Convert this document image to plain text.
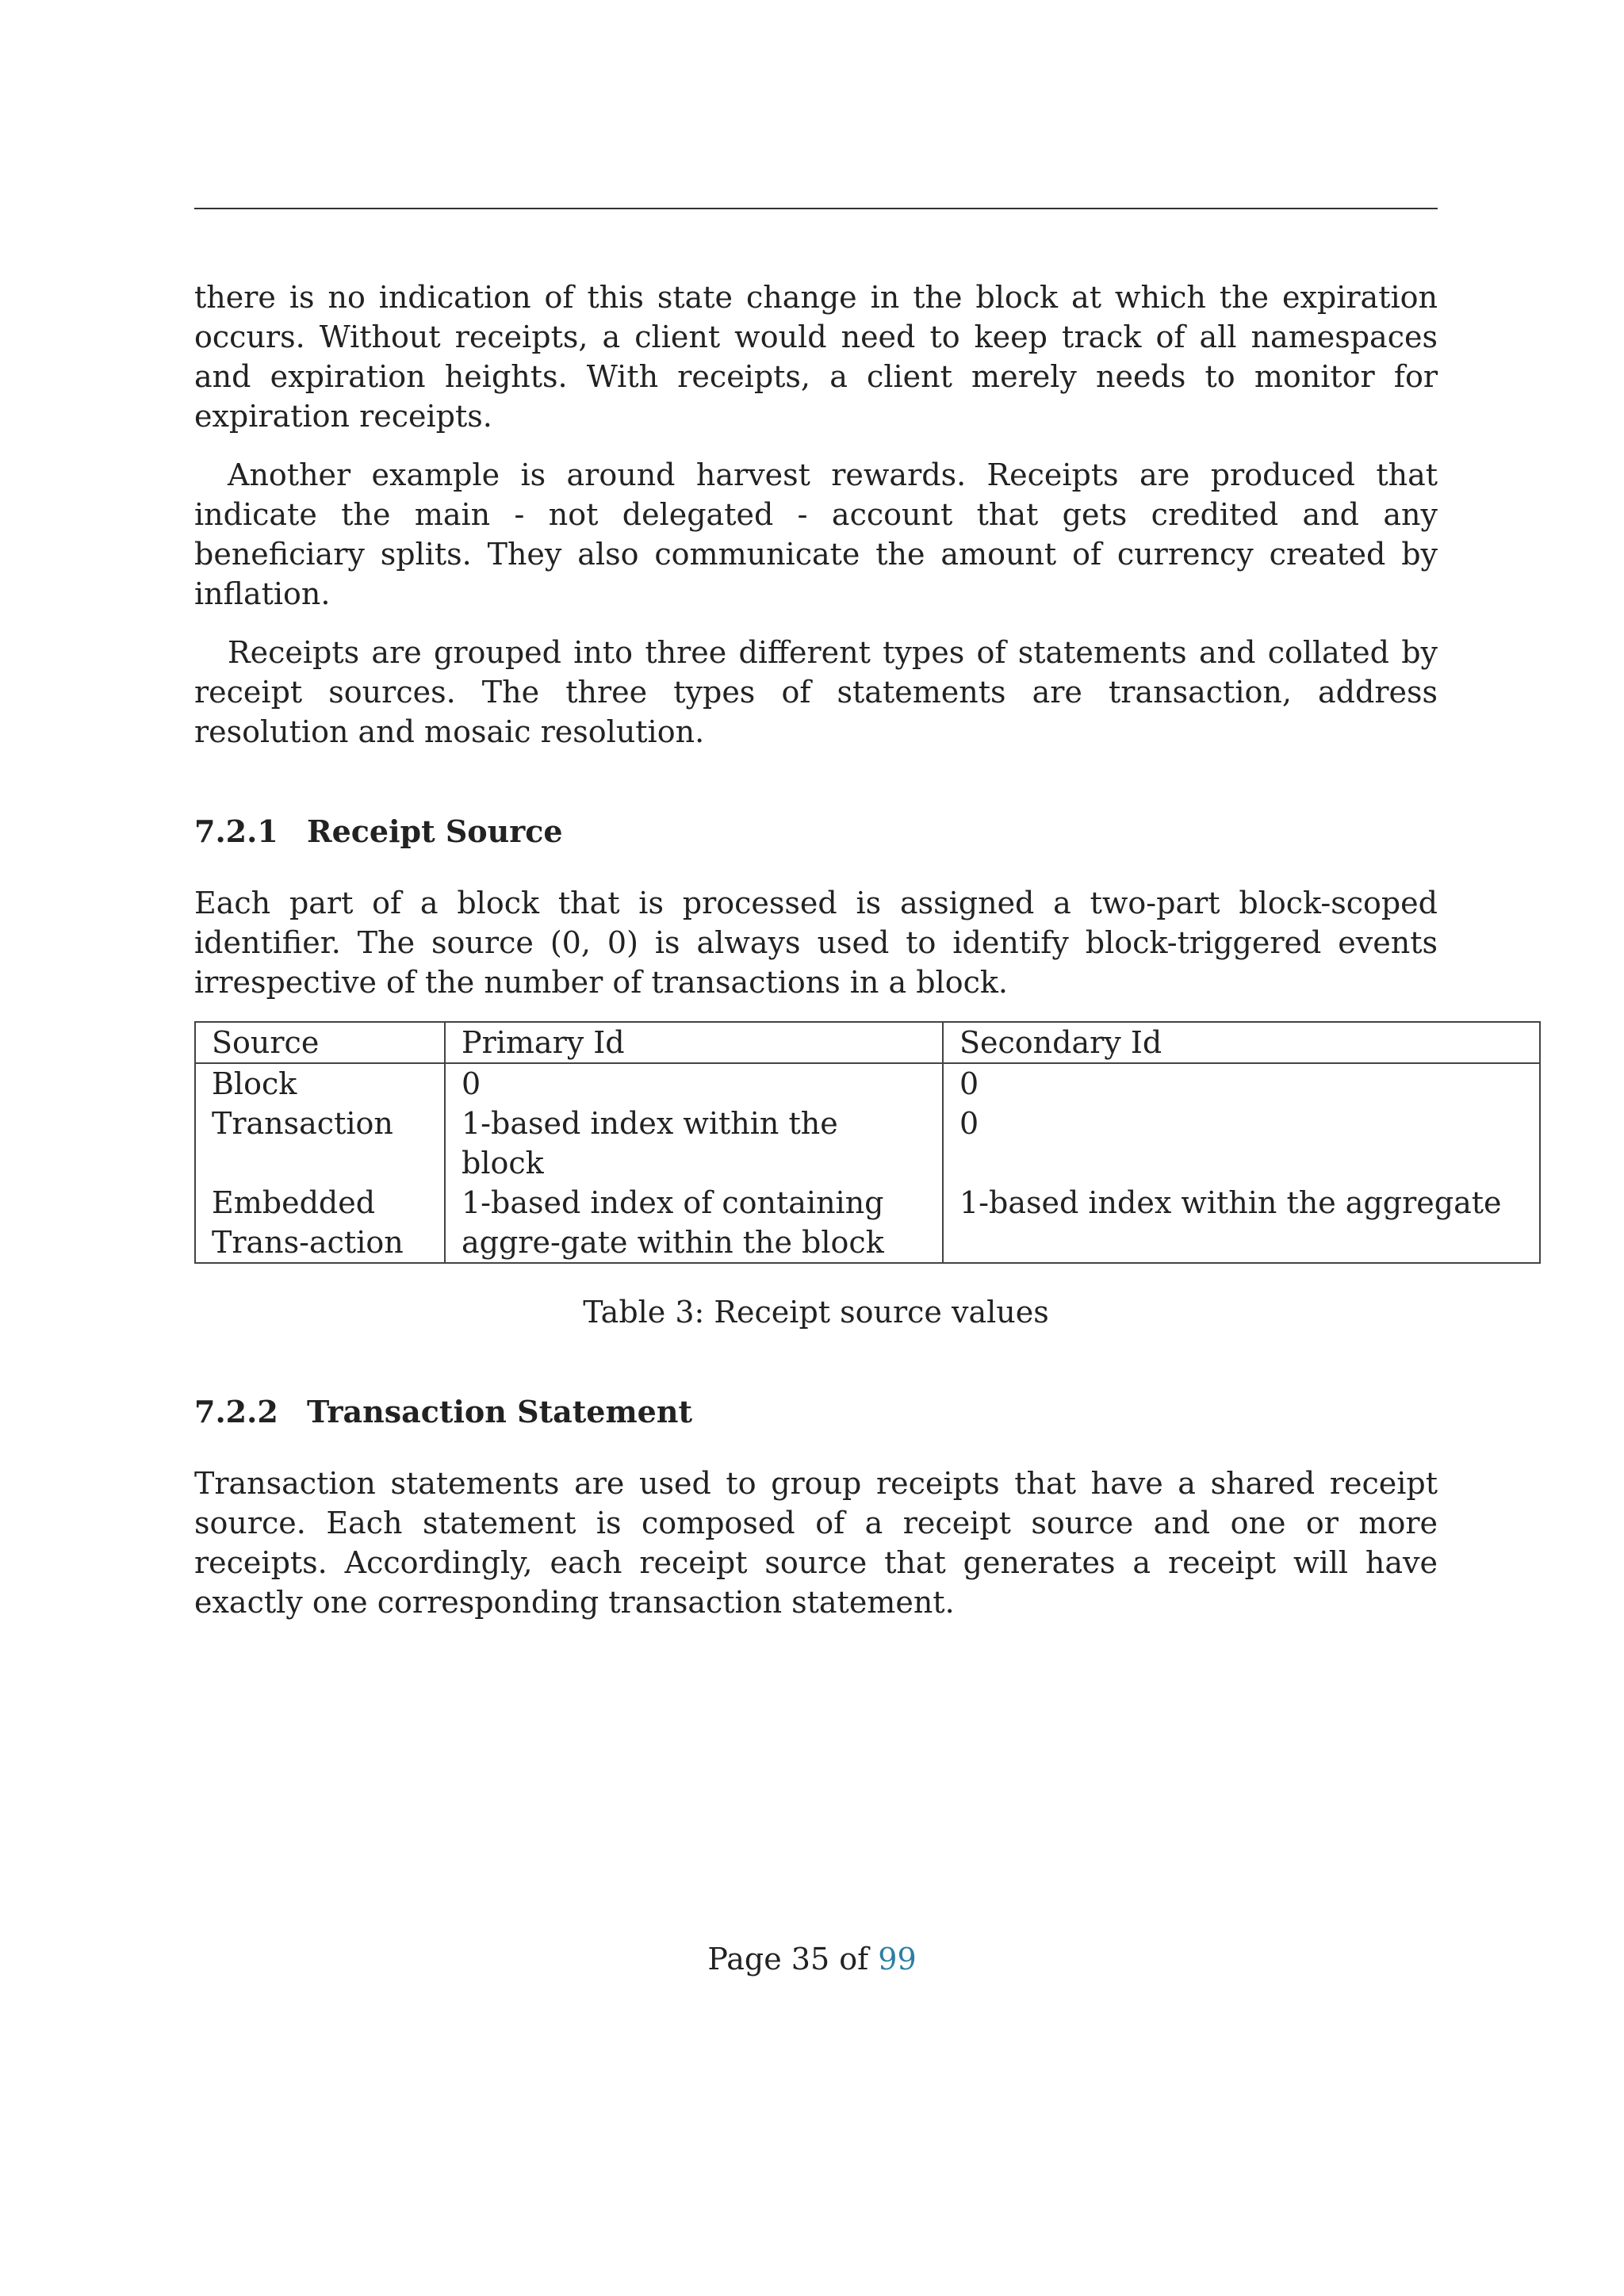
there is no indication of this state change in the block at which the expiration occurs. Without receipts, a client would need to keep track of all namespaces and expiration heights. With receipts, a client merely needs to monitor for expiration receipts.

Another example is around harvest rewards. Receipts are produced that indicate the main - not delegated - account that gets credited and any beneficiary splits. They also communicate the amount of currency created by inflation.

Receipts are grouped into three different types of statements and collated by receipt sources. The three types of statements are transaction, address resolution and mosaic resolution.

7.2.1 Receipt Source

Each part of a block that is processed is assigned a two-part block-scoped identifier. The source (0, 0) is always used to identify block-triggered events irrespective of the number of transactions in a block.

Source	Primary Id	Secondary Id
Block	0	0
Transaction	1-based index within the block	0
Embedded Trans-action	1-based index of containing aggre-gate within the block	1-based index within the aggregate
Table 3: Receipt source values
7.2.2 Transaction Statement

Transaction statements are used to group receipts that have a shared receipt source. Each statement is composed of a receipt source and one or more receipts. Accordingly, each receipt source that generates a receipt will have exactly one corresponding transaction statement.

Page 35 of 99
